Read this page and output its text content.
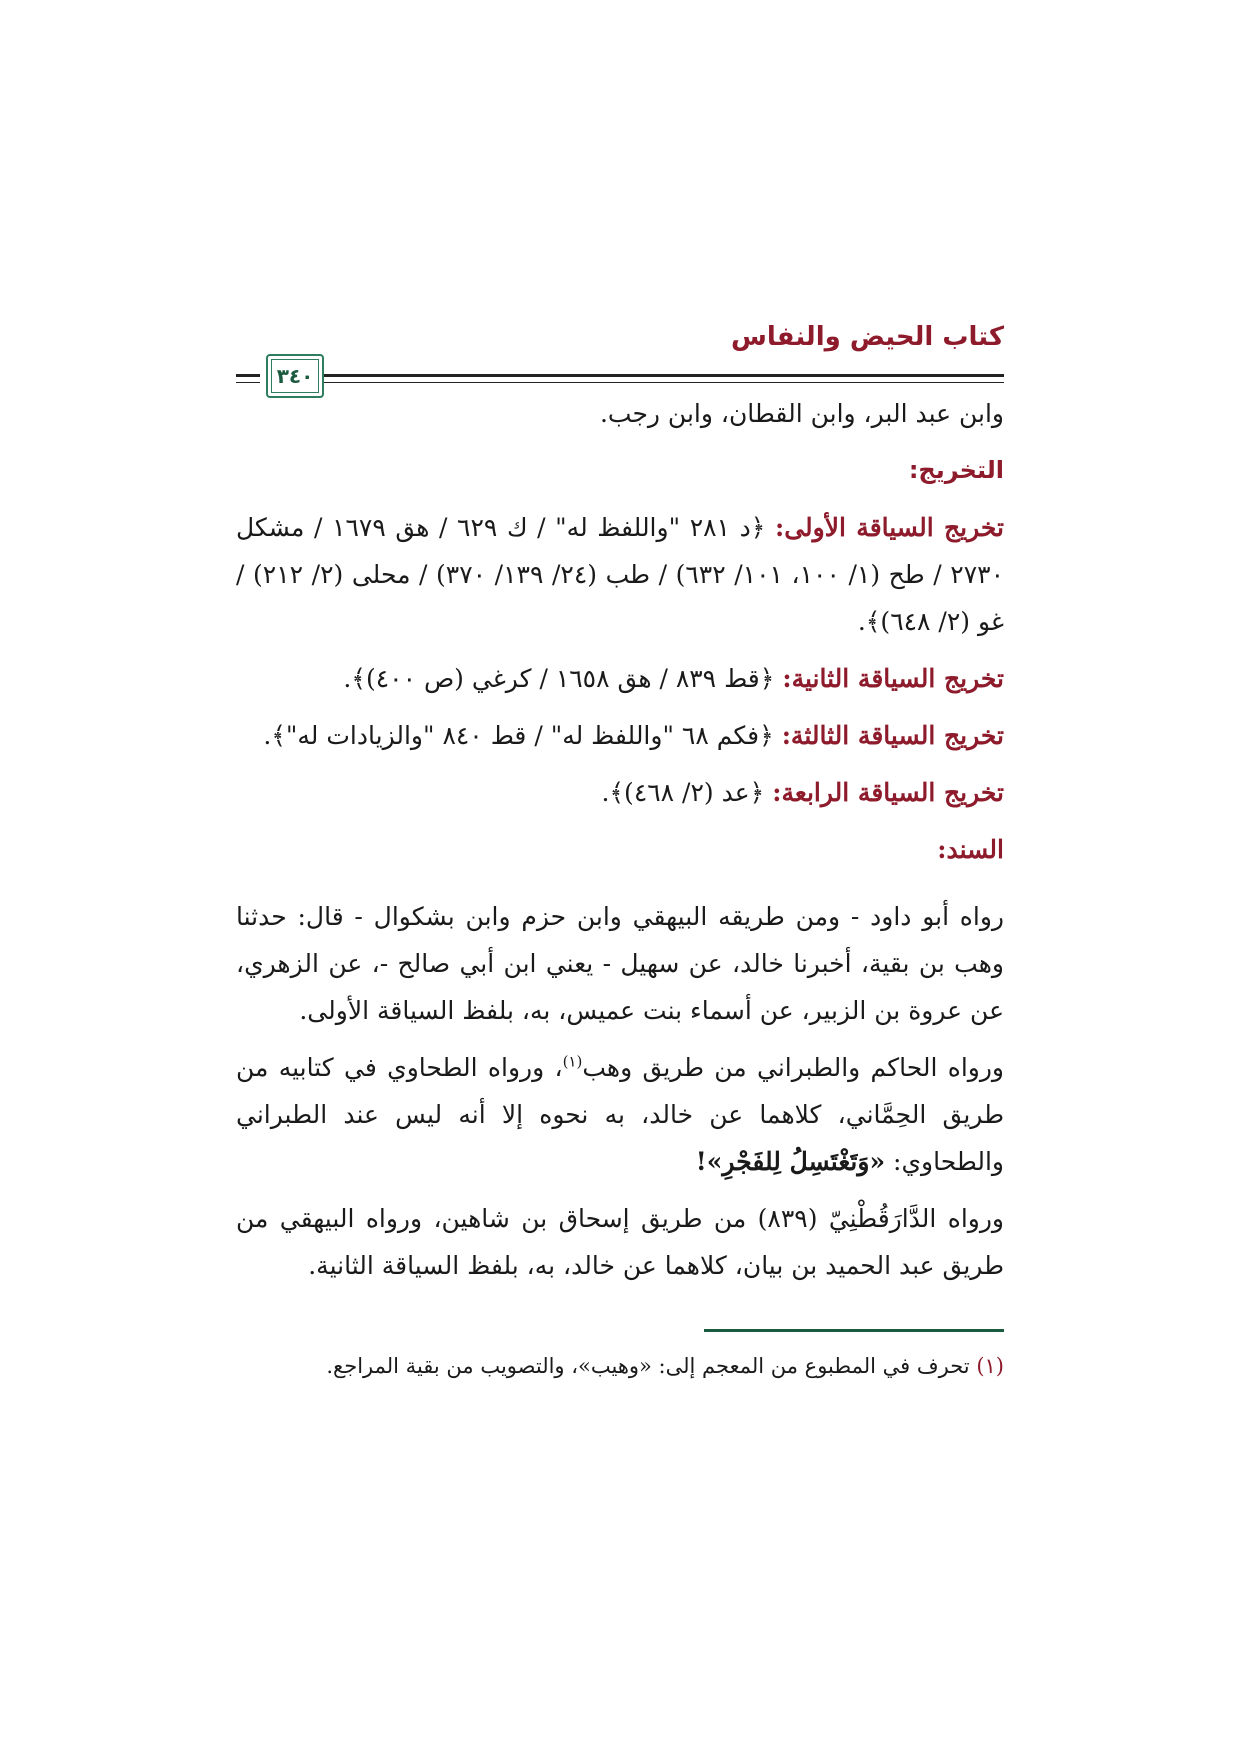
كتاب الحيض والنفاس
٣٤٠

وابن عبد البر، وابن القطان، وابن رجب.

التخريج:

تخريج السياقة الأولى: ﴿د ٢٨١ "واللفظ له" / ك ٦٢٩ / هق ١٦٧٩ / مشكل ٢٧٣٠ / طح (١/ ١٠٠، ١٠١/ ٦٣٢) / طب (٢٤/ ١٣٩/ ٣٧٠) / محلى (٢/ ٢١٢) / غو (٢/ ٦٤٨)﴾.

تخريج السياقة الثانية: ﴿قط ٨٣٩ / هق ١٦٥٨ / كرغي (ص ٤٠٠)﴾.

تخريج السياقة الثالثة: ﴿فكم ٦٨ "واللفظ له" / قط ٨٤٠ "والزيادات له"﴾.

تخريج السياقة الرابعة: ﴿عد (٢/ ٤٦٨)﴾.

السند:

رواه أبو داود - ومن طريقه البيهقي وابن حزم وابن بشكوال - قال: حدثنا وهب بن بقية، أخبرنا خالد، عن سهيل - يعني ابن أبي صالح -، عن الزهري، عن عروة بن الزبير، عن أسماء بنت عميس، به، بلفظ السياقة الأولى.

ورواه الحاكم والطبراني من طريق وهب$^{(١)}$، ورواه الطحاوي في كتابيه من طريق الحِمَّاني، كلاهما عن خالد، به نحوه إلا أنه ليس عند الطبراني والطحاوي: «وَتَغْتَسِلُ لِلفَجْرِ»!

ورواه الدَّارَقُطْنِيّ (٨٣٩) من طريق إسحاق بن شاهين، ورواه البيهقي من طريق عبد الحميد بن بيان، كلاهما عن خالد، به، بلفظ السياقة الثانية.

(١) تحرف في المطبوع من المعجم إلى: «وهيب»، والتصويب من بقية المراجع.
